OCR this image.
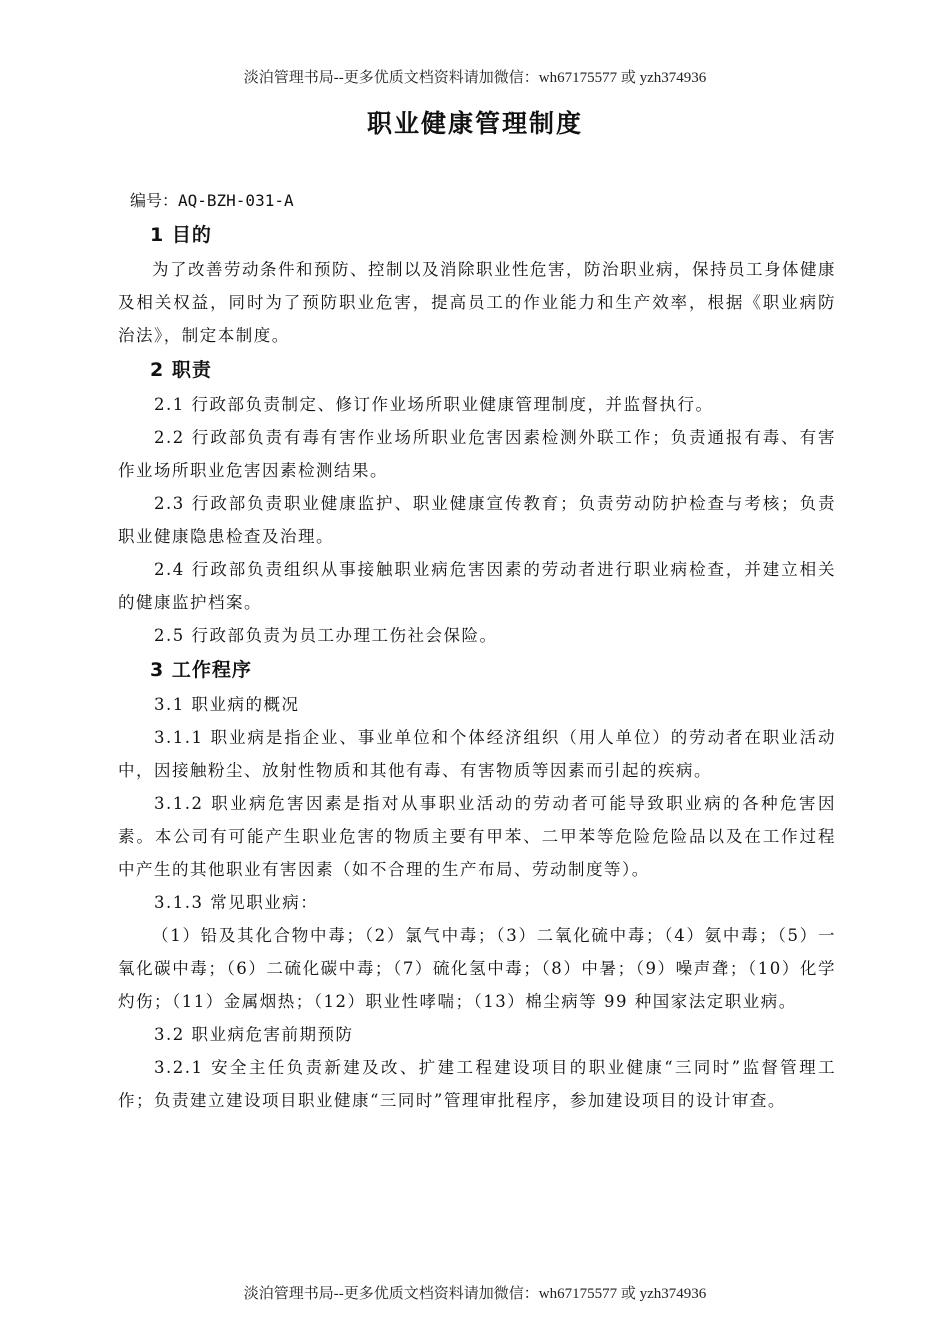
淡泊管理书局--更多优质文档资料请加微信：wh67175577 或 yzh374936
职业健康管理制度

编号：AQ-BZH-031-A

1 目的

为了改善劳动条件和预防、控制以及消除职业性危害，防治职业病，保持员工身体健康及相关权益，同时为了预防职业危害，提高员工的作业能力和生产效率，根据《职业病防治法》，制定本制度。

2 职责

2.1 行政部负责制定、修订作业场所职业健康管理制度，并监督执行。

2.2 行政部负责有毒有害作业场所职业危害因素检测外联工作；负责通报有毒、有害作业场所职业危害因素检测结果。

2.3 行政部负责职业健康监护、职业健康宣传教育；负责劳动防护检查与考核；负责职业健康隐患检查及治理。

2.4 行政部负责组织从事接触职业病危害因素的劳动者进行职业病检查，并建立相关的健康监护档案。

2.5 行政部负责为员工办理工伤社会保险。

3 工作程序

3.1 职业病的概况

3.1.1 职业病是指企业、事业单位和个体经济组织（用人单位）的劳动者在职业活动中，因接触粉尘、放射性物质和其他有毒、有害物质等因素而引起的疾病。

3.1.2 职业病危害因素是指对从事职业活动的劳动者可能导致职业病的各种危害因素。本公司有可能产生职业危害的物质主要有甲苯、二甲苯等危险危险品以及在工作过程中产生的其他职业有害因素（如不合理的生产布局、劳动制度等）。

3.1.3 常见职业病：

（1）铅及其化合物中毒；（2）氯气中毒；（3）二氧化硫中毒；（4）氨中毒；（5）一氧化碳中毒；（6）二硫化碳中毒；（7）硫化氢中毒；（8）中暑；（9）噪声聋；（10）化学灼伤；（11）金属烟热；（12）职业性哮喘；（13）棉尘病等 99 种国家法定职业病。

3.2 职业病危害前期预防

3.2.1 安全主任负责新建及改、扩建工程建设项目的职业健康“三同时”监督管理工作；负责建立建设项目职业健康“三同时”管理审批程序，参加建设项目的设计审查。

淡泊管理书局--更多优质文档资料请加微信：wh67175577 或 yzh374936
